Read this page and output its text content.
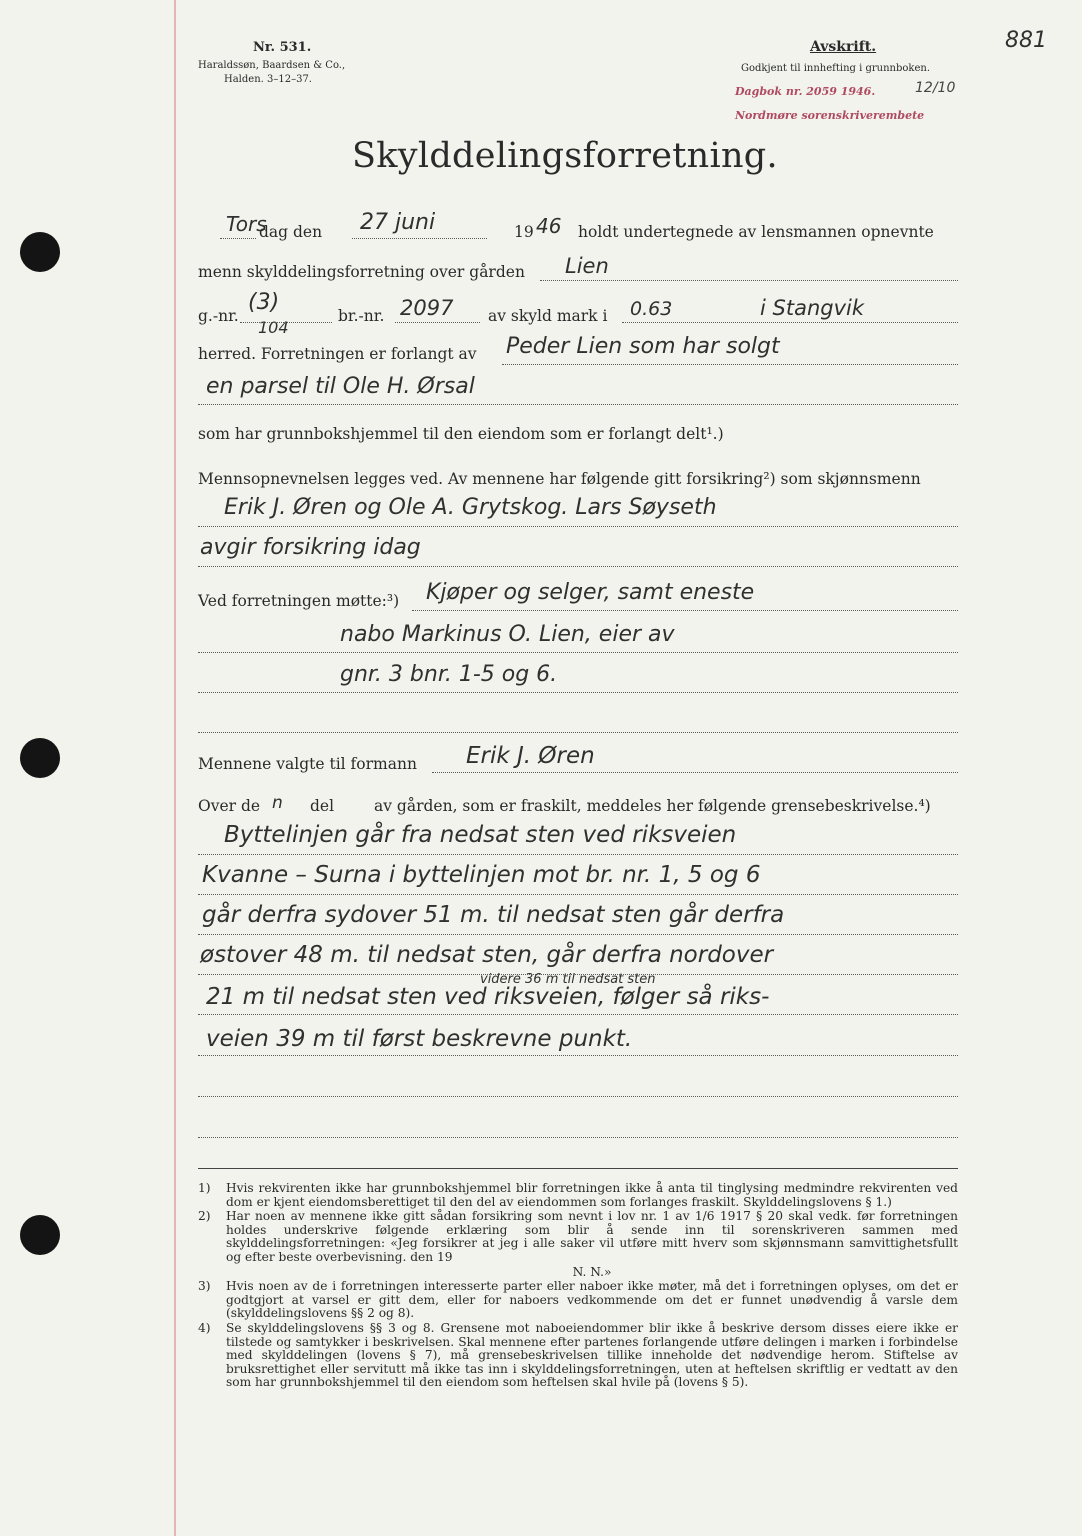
Nr. 531.
Haraldssøn, Baardsen & Co.,
Halden. 3–12–37.
Avskrift.
Godkjent til innhefting i grunnboken.
881
Dagbok nr. 2059 1946.	12/10
Nordmøre sorenskriverembete
Skylddelingsforretning.
Tors
dag den 27 juni	19 46 holdt undertegnede av lensmannen opnevnte
menn skylddelingsforretning over gården Lien
g.-nr.
(3)
104
br.-nr. 2097 av skyld mark i 0.63	i Stangvik
herred. Forretningen er forlangt av Peder Lien som har solgt
en parsel til Ole H. Ørsal
som har grunnbokshjemmel til den eiendom som er forlangt delt¹.)
Mennsopnevnelsen legges ved. Av mennene har følgende gitt forsikring²) som skjønnsmenn
Erik J. Øren og Ole A. Grytskog. Lars Søyseth
avgir forsikring idag
Ved forretningen møtte:³) Kjøper og selger, samt eneste
nabo Markinus O. Lien, eier av
gnr. 3 bnr. 1-5 og 6.
Mennene valgte til formann Erik J. Øren
Over de n del	av gården, som er fraskilt, meddeles her følgende grensebeskrivelse.⁴)
Byttelinjen går fra nedsat sten ved riksveien
Kvanne – Surna i byttelinjen mot br. nr. 1, 5 og 6
går derfra sydover 51 m. til nedsat sten går derfra
østover 48 m. til nedsat sten, går derfra nordover
videre 36 m til nedsat sten
21 m til nedsat sten ved riksveien, følger så riks-
veien 39 m til først beskrevne punkt.
1)	Hvis rekvirenten ikke har grunnbokshjemmel blir forretningen ikke å anta til tinglysing medmindre rekvirenten ved dom er kjent eiendomsberettiget til den del av eiendommen som forlanges fraskilt. Skylddelingslovens § 1.)
2)	Har noen av mennene ikke gitt sådan forsikring som nevnt i lov nr. 1 av 1/6 1917 § 20 skal vedk. før forretningen holdes underskrive følgende erklæring som blir å sende inn til sorenskriveren sammen med skylddelingsforretningen: «Jeg forsikrer at jeg i alle saker vil utføre mitt hverv som skjønnsmann samvittighetsfullt og efter beste overbevisning. den 19
N. N.»
3)	Hvis noen av de i forretningen interesserte parter eller naboer ikke møter, må det i forretningen oplyses, om det er godtgjort at varsel er gitt dem, eller for naboers vedkommende om det er funnet unødvendig å varsle dem (skylddelingslovens §§ 2 og 8).
4)	Se skylddelingslovens §§ 3 og 8. Grensene mot naboeiendommer blir ikke å beskrive dersom disses eiere ikke er tilstede og samtykker i beskrivelsen. Skal mennene efter partenes forlangende utføre delingen i marken i forbindelse med skylddelingen (lovens § 7), må grensebeskrivelsen tillike inneholde det nødvendige herom. Stiftelse av bruksrettighet eller servitutt må ikke tas inn i skylddelingsforretningen, uten at heftelsen skriftlig er vedtatt av den som har grunnbokshjemmel til den eiendom som heftelsen skal hvile på (lovens § 5).
